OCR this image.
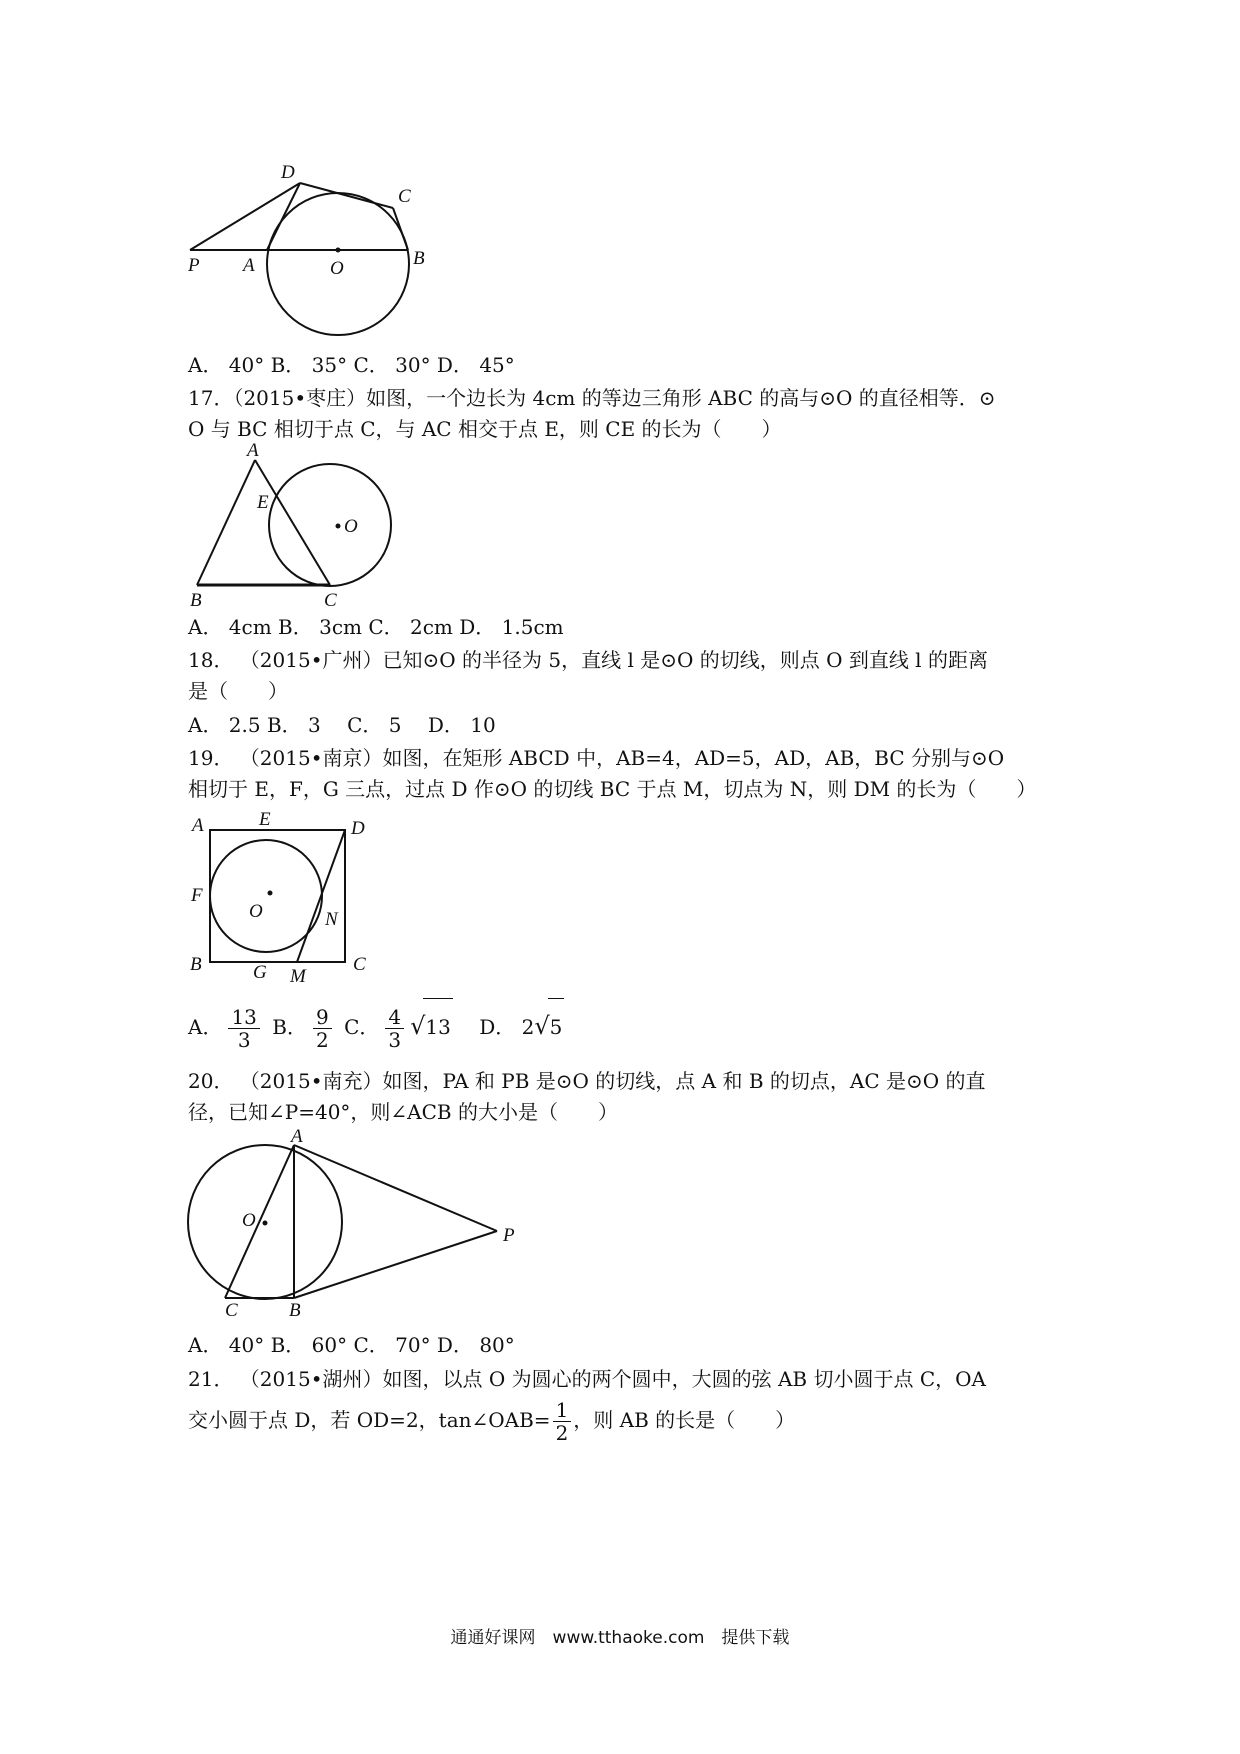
D
C
P A	O	B
A． 40° B． 35° C． 30° D． 45°
17．（2015•枣庄）如图，一个边长为 4cm 的等边三角形 ABC 的高与⊙O 的直径相等．⊙
O 与 BC 相切于点 C，与 AC 相交于点 E，则 CE 的长为（　　）
A
E
O
B	C
A． 4cm B． 3cm C． 2cm D． 1.5cm
18． （2015•广州）已知⊙O 的半径为 5，直线 l 是⊙O 的切线，则点 O 到直线 l 的距离
是（　　）
A． 2.5 B． 3　 C． 5　 D． 10
19． （2015•南京）如图，在矩形 ABCD 中，AB=4，AD=5，AD，AB，BC 分别与⊙O
相切于 E，F，G 三点，过点 D 作⊙O 的切线 BC 于点 M，切点为 N，则 DM 的长为（　　）
A	E	D
F
O	N
B	G M
C
A． $\frac{13}{3}$ B． $\frac{9}{2}$ C． $\frac{4}{3} √13$ D． 2√5
20． （2015•南充）如图，PA 和 PB 是⊙O 的切线，点 A 和 B 的切点，AC 是⊙O 的直
径，已知∠P=40°，则∠ACB 的大小是（　　）
A
O
P
C	B
A． 40° B． 60° C． 70° D． 80°
21． （2015•湖州）如图，以点 O 为圆心的两个圆中，大圆的弦 AB 切小圆于点 C，OA
交小圆于点 D，若 OD=2，tan∠OAB= $\frac{1}{2}$ ，则 AB 的长是（　　）
通通好课网　www.tthaoke.com　提供下载
